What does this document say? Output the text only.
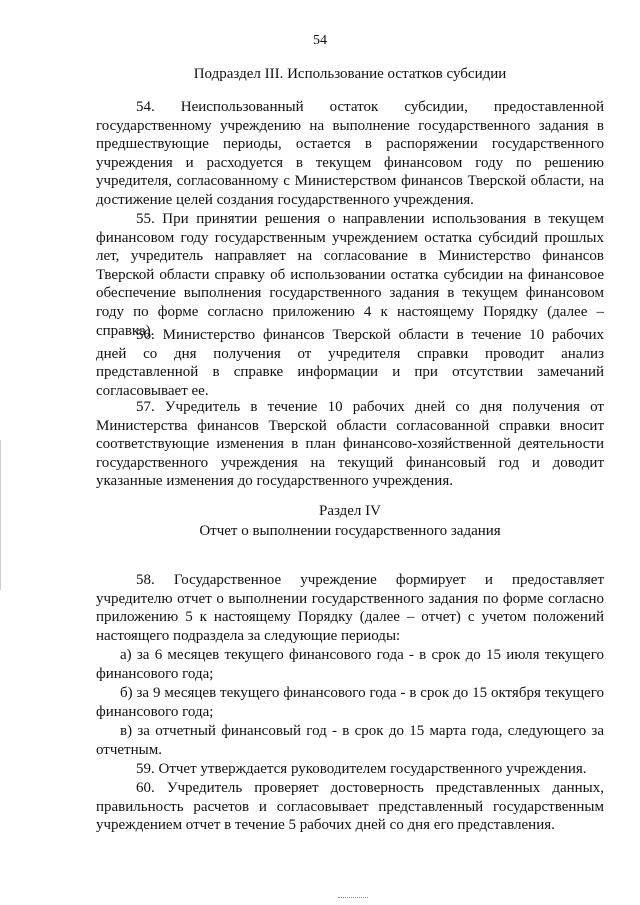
54
Подраздел III. Использование остатков субсидии

54. Неиспользованный остаток субсидии, предоставленной государственному учреждению на выполнение государственного задания в предшествующие периоды, остается в распоряжении государственного учреждения и расходуется в текущем финансовом году по решению учредителя, согласованному с Министерством финансов Тверской области, на достижение целей создания государственного учреждения.

55. При принятии решения о направлении использования в текущем финансовом году государственным учреждением остатка субсидий прошлых лет, учредитель направляет на согласование в Министерство финансов Тверской области справку об использовании остатка субсидии на финансовое обеспечение выполнения государственного задания в текущем финансовом году по форме согласно приложению 4 к настоящему Порядку (далее – справка).

56. Министерство финансов Тверской области в течение 10 рабочих дней со дня получения от учредителя справки проводит анализ представленной в справке информации и при отсутствии замечаний согласовывает ее.

57. Учредитель в течение 10 рабочих дней со дня получения от Министерства финансов Тверской области согласованной справки вносит соответствующие изменения в план финансово-хозяйственной деятельности государственного учреждения на текущий финансовый год и доводит указанные изменения до государственного учреждения.

Раздел IV
Отчет о выполнении государственного задания

58. Государственное учреждение формирует и предоставляет учредителю отчет о выполнении государственного задания по форме согласно приложению 5 к настоящему Порядку (далее – отчет) с учетом положений настоящего подраздела за следующие периоды:

а) за 6 месяцев текущего финансового года - в срок до 15 июля текущего финансового года;

б) за 9 месяцев текущего финансового года - в срок до 15 октября текущего финансового года;

в) за отчетный финансовый год - в срок до 15 марта года, следующего за отчетным.

59. Отчет утверждается руководителем государственного учреждения.

60. Учредитель проверяет достоверность представленных данных, правильность расчетов и согласовывает представленный государственным учреждением отчет в течение 5 рабочих дней со дня его представления.
